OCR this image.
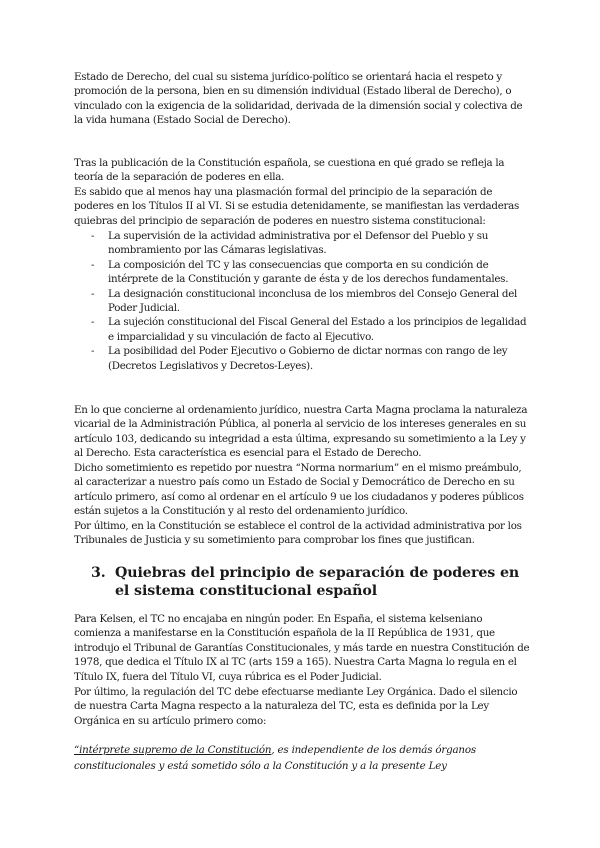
Estado de Derecho, del cual su sistema jurídico-político se orientará hacia el respeto y promoción de la persona, bien en su dimensión individual (Estado liberal de Derecho), o vinculado con la exigencia de la solidaridad, derivada de la dimensión social y colectiva de la vida humana (Estado Social de Derecho).

Tras la publicación de la Constitución española, se cuestiona en qué grado se refleja la teoría de la separación de poderes en ella.

Es sabido que al menos hay una plasmación formal del principio de la separación de poderes en los Títulos II al VI. Si se estudia detenidamente, se manifiestan las verdaderas quiebras del principio de separación de poderes en nuestro sistema constitucional:

- La supervisión de la actividad administrativa por el Defensor del Pueblo y su nombramiento por las Cámaras legislativas.
- La composición del TC y las consecuencias que comporta en su condición de intérprete de la Constitución y garante de ésta y de los derechos fundamentales.
- La designación constitucional inconclusa de los miembros del Consejo General del Poder Judicial.
- La sujeción constitucional del Fiscal General del Estado a los principios de legalidad e imparcialidad y su vinculación de facto al Ejecutivo.
- La posibilidad del Poder Ejecutivo o Gobierno de dictar normas con rango de ley (Decretos Legislativos y Decretos-Leyes).

En lo que concierne al ordenamiento jurídico, nuestra Carta Magna proclama la naturaleza vicarial de la Administración Pública, al ponerla al servicio de los intereses generales en su artículo 103, dedicando su integridad a esta última, expresando su sometimiento a la Ley y al Derecho. Esta característica es esencial para el Estado de Derecho.

Dicho sometimiento es repetido por nuestra “Norma normarium” en el mismo preámbulo, al caracterizar a nuestro país como un Estado de Social y Democrático de Derecho en su artículo primero, así como al ordenar en el artículo 9 ue los ciudadanos y poderes públicos están sujetos a la Constitución y al resto del ordenamiento jurídico.

Por último, en la Constitución se establece el control de la actividad administrativa por los Tribunales de Justicia y su sometimiento para comprobar los fines que justifican.

3. Quiebras del principio de separación de poderes en el sistema constitucional español

Para Kelsen, el TC no encajaba en ningún poder. En España, el sistema kelseniano comienza a manifestarse en la Constitución española de la II República de 1931, que introdujo el Tribunal de Garantías Constitucionales, y más tarde en nuestra Constitución de 1978, que dedica el Título IX al TC (arts 159 a 165). Nuestra Carta Magna lo regula en el Título IX, fuera del Título VI, cuya rúbrica es el Poder Judicial.

Por último, la regulación del TC debe efectuarse mediante Ley Orgánica. Dado el silencio de nuestra Carta Magna respecto a la naturaleza del TC, esta es definida por la Ley Orgánica en su artículo primero como:

“intérprete supremo de la Constitución, es independiente de los demás órganos constitucionales y está sometido sólo a la Constitución y a la presente Ley
